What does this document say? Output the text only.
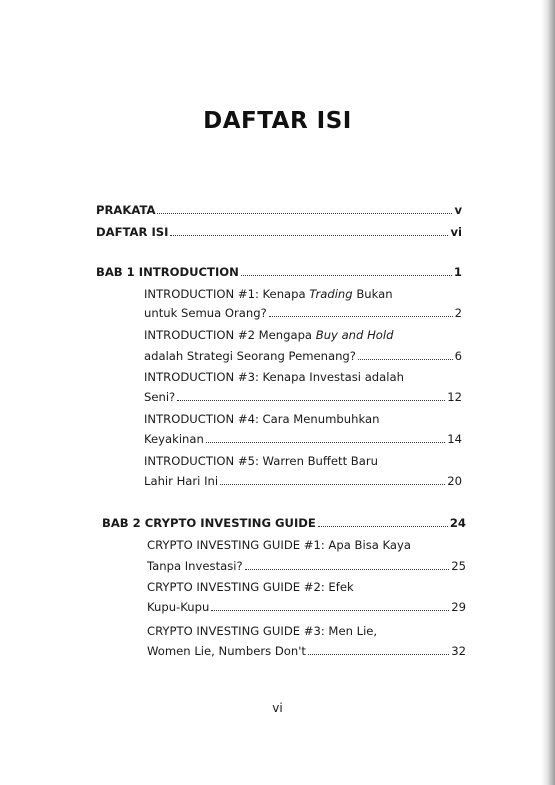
DAFTAR ISI
PRAKATA	v
DAFTAR ISI	vi
BAB 1 INTRODUCTION	1
INTRODUCTION #1: Kenapa Trading Bukan
untuk Semua Orang?	2
INTRODUCTION #2 Mengapa Buy and Hold
adalah Strategi Seorang Pemenang?	6
INTRODUCTION #3: Kenapa Investasi adalah
Seni?	12
INTRODUCTION #4: Cara Menumbuhkan
Keyakinan	14
INTRODUCTION #5: Warren Buffett Baru
Lahir Hari Ini	20
BAB 2 CRYPTO INVESTING GUIDE	24
CRYPTO INVESTING GUIDE #1: Apa Bisa Kaya
Tanpa Investasi?	25
CRYPTO INVESTING GUIDE #2: Efek
Kupu-Kupu	29
CRYPTO INVESTING GUIDE #3: Men Lie,
Women Lie, Numbers Don't	32
vi
